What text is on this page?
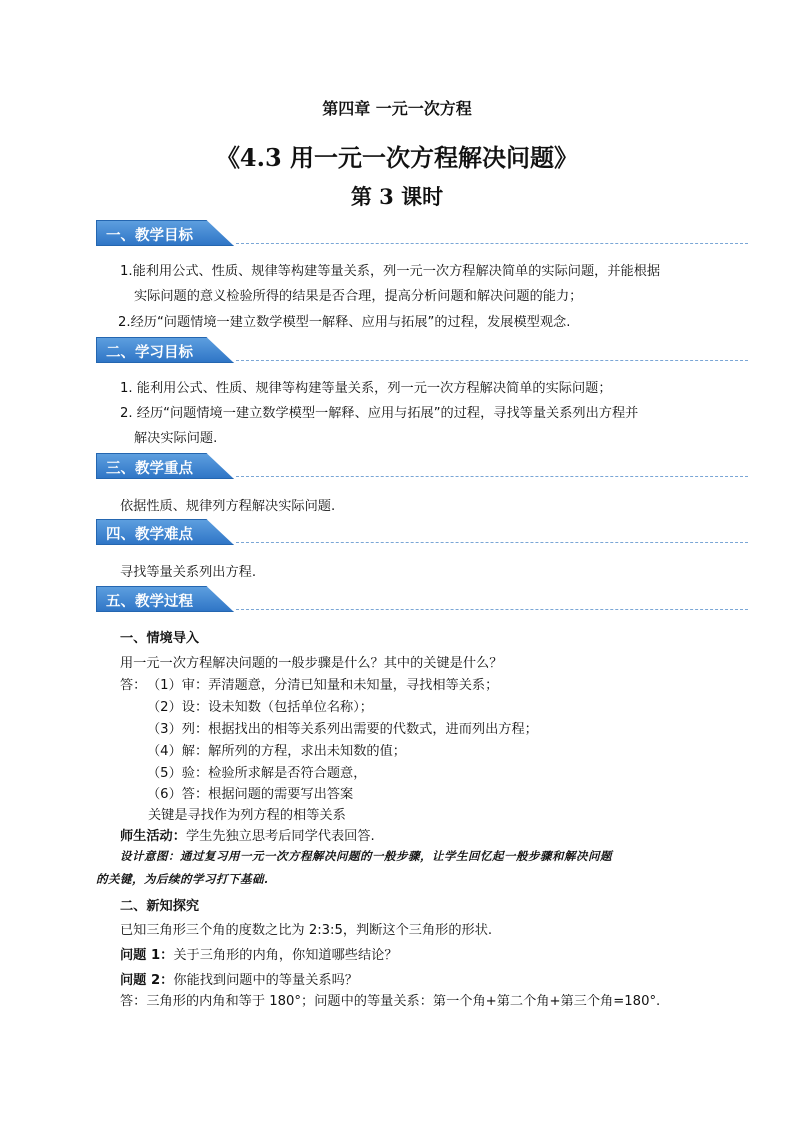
第四章 一元一次方程
《4.3 用一元一次方程解决问题》
第 3 课时
一、教学目标
1.能利用公式、性质、规律等构建等量关系，列一元一次方程解决简单的实际问题，并能根据
实际问题的意义检验所得的结果是否合理，提高分析问题和解决问题的能力；
2.经历“问题情境一建立数学模型一解释、应用与拓展”的过程，发展模型观念.
二、学习目标
1. 能利用公式、性质、规律等构建等量关系，列一元一次方程解决简单的实际问题；
2. 经历“问题情境一建立数学模型一解释、应用与拓展”的过程，寻找等量关系列出方程并
解决实际问题.
三、教学重点
依据性质、规律列方程解决实际问题.
四、教学难点
寻找等量关系列出方程.
五、教学过程
一、情境导入
用一元一次方程解决问题的一般步骤是什么？其中的关键是什么？
答： （1）审：弄清题意，分清已知量和未知量，寻找相等关系；
（2）设：设未知数（包括单位名称）；
（3）列：根据找出的相等关系列出需要的代数式，进而列出方程；
（4）解：解所列的方程，求出未知数的值；
（5）验：检验所求解是否符合题意，
（6）答：根据问题的需要写出答案
关键是寻找作为列方程的相等关系
师生活动：学生先独立思考后同学代表回答.
设计意图：通过复习用一元一次方程解决问题的一般步骤，让学生回忆起一般步骤和解决问题
的关键，为后续的学习打下基础.
二、新知探究
已知三角形三个角的度数之比为 2:3:5，判断这个三角形的形状.
问题 1：关于三角形的内角，你知道哪些结论？
问题 2：你能找到问题中的等量关系吗？
答：三角形的内角和等于 180°；问题中的等量关系：第一个角+第二个角+第三个角=180°.
